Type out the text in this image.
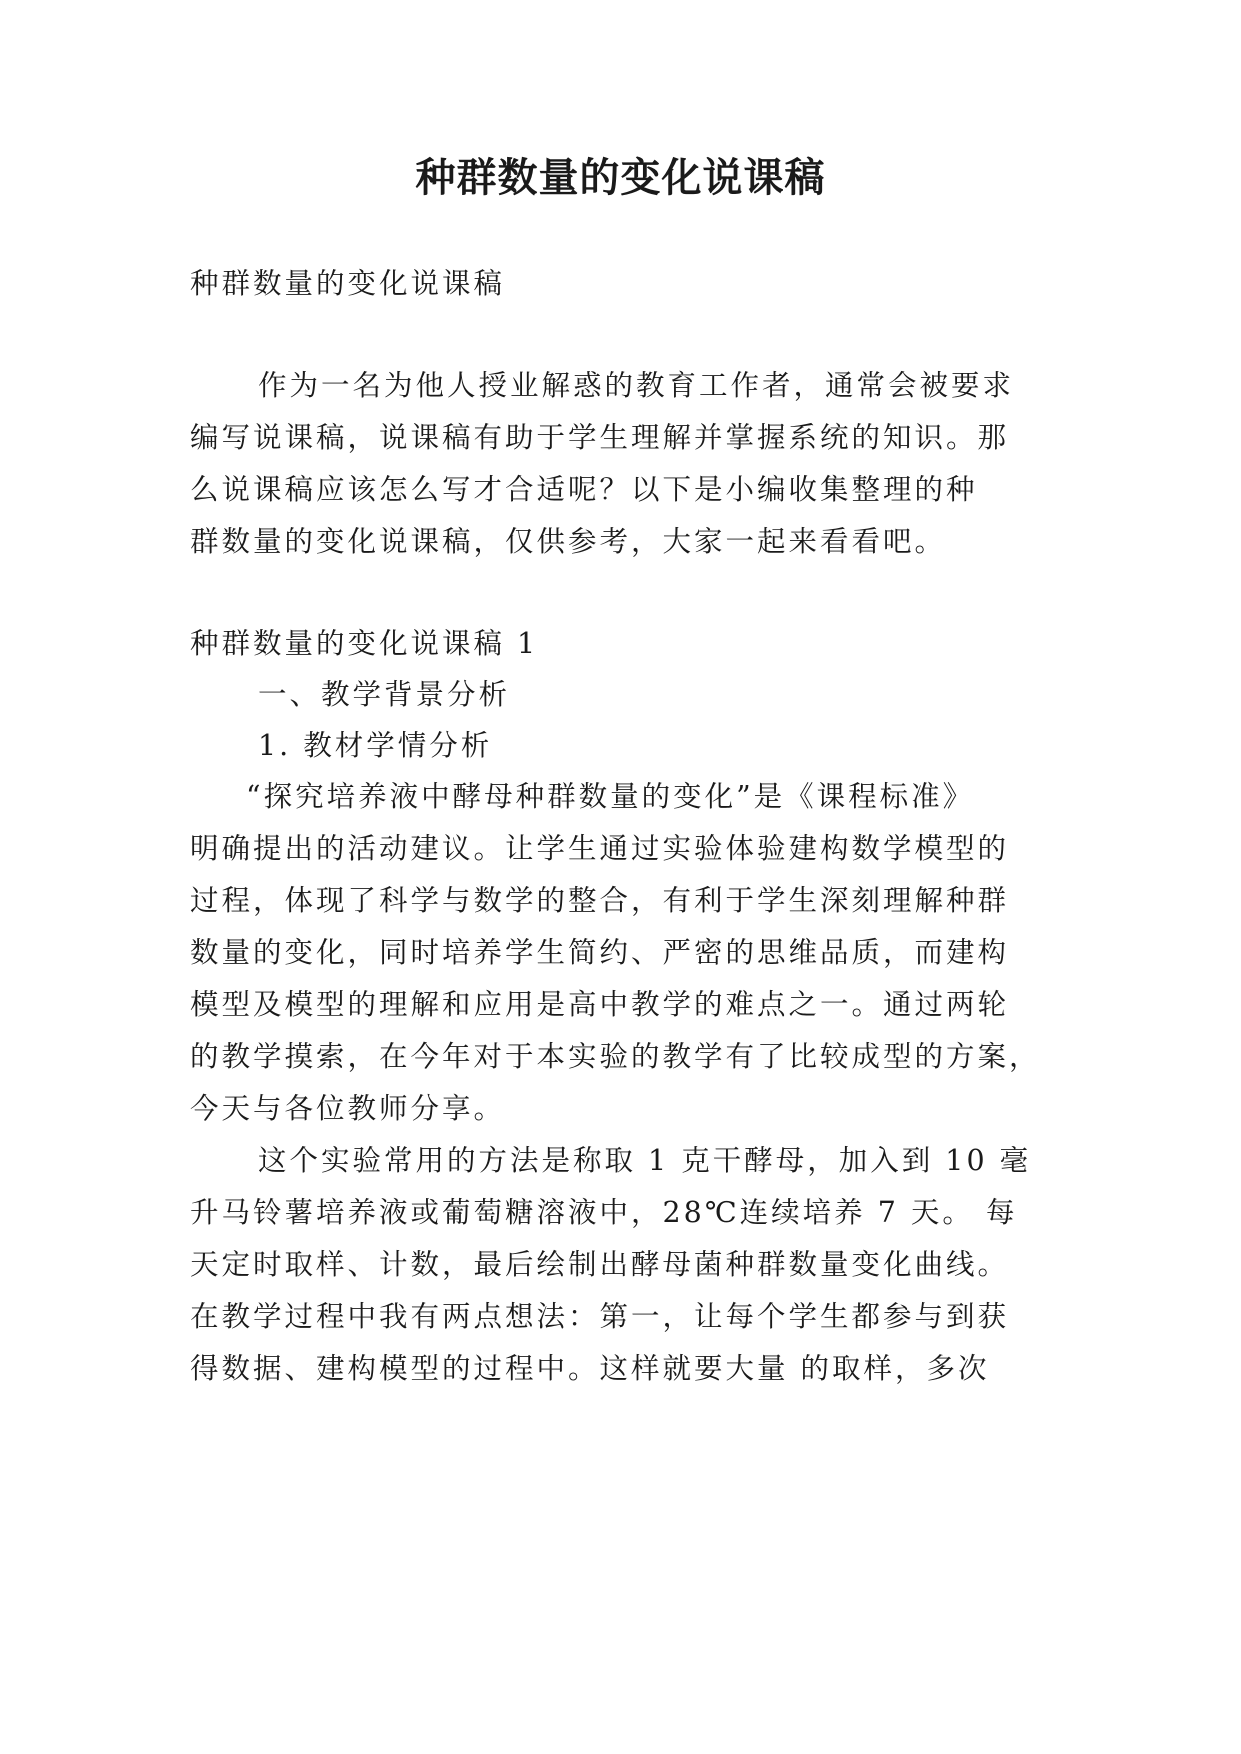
种群数量的变化说课稿
种群数量的变化说课稿
作为一名为他人授业解惑的教育工作者，通常会被要求
编写说课稿，说课稿有助于学生理解并掌握系统的知识。那
么说课稿应该怎么写才合适呢？以下是小编收集整理的种
群数量的变化说课稿，仅供参考，大家一起来看看吧。
种群数量的变化说课稿 1
一、教学背景分析
1. 教材学情分析
“探究培养液中酵母种群数量的变化”是《课程标准》
明确提出的活动建议。让学生通过实验体验建构数学模型的
过程，体现了科学与数学的整合，有利于学生深刻理解种群
数量的变化，同时培养学生简约、严密的思维品质，而建构
模型及模型的理解和应用是高中教学的难点之一。通过两轮
的教学摸索，在今年对于本实验的教学有了比较成型的方案，
今天与各位教师分享。
这个实验常用的方法是称取 1 克干酵母，加入到 10 毫
升马铃薯培养液或葡萄糖溶液中，28℃连续培养 7 天。 每
天定时取样、计数，最后绘制出酵母菌种群数量变化曲线。
在教学过程中我有两点想法：第一，让每个学生都参与到获
得数据、建构模型的过程中。这样就要大量 的取样，多次
